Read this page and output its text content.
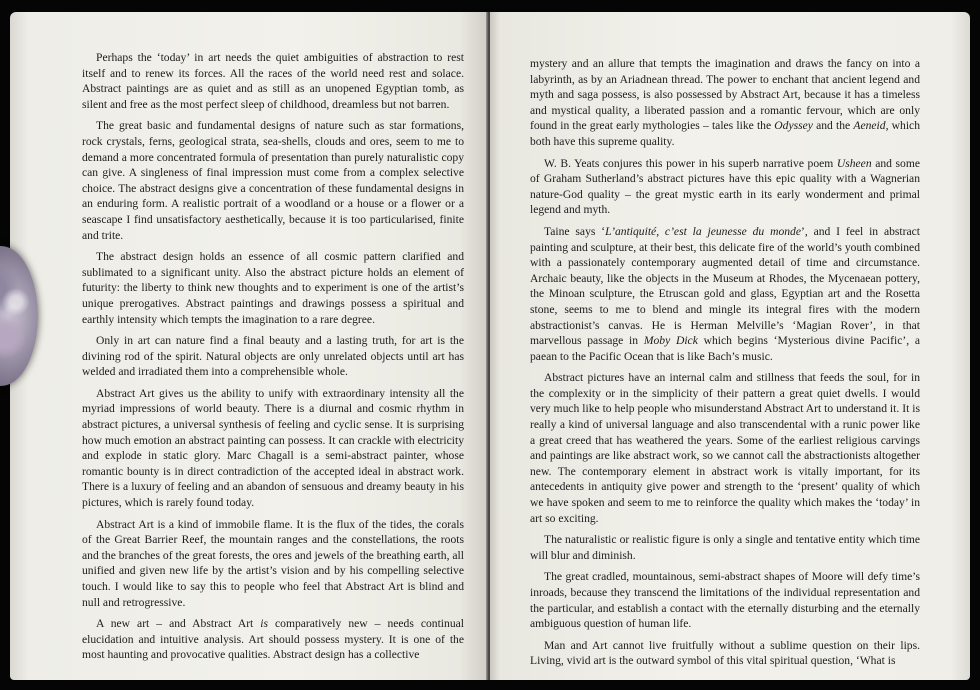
Perhaps the ‘today’ in art needs the quiet ambiguities of abstraction to rest itself and to renew its forces. All the races of the world need rest and solace. Abstract paintings are as quiet and as still as an unopened Egyptian tomb, as silent and free as the most perfect sleep of childhood, dreamless but not barren.

The great basic and fundamental designs of nature such as star formations, rock crystals, ferns, geological strata, sea-shells, clouds and ores, seem to me to demand a more concentrated formula of presentation than purely naturalistic copy can give. A singleness of final impression must come from a complex selective choice. The abstract designs give a concentration of these fundamental designs in an enduring form. A realistic portrait of a woodland or a house or a flower or a seascape I find unsatisfactory aesthetically, because it is too particularised, finite and trite.

The abstract design holds an essence of all cosmic pattern clarified and sublimated to a significant unity. Also the abstract picture holds an element of futurity: the liberty to think new thoughts and to experiment is one of the artist’s unique prerogatives. Abstract paintings and drawings possess a spiritual and earthly intensity which tempts the imagination to a rare degree.

Only in art can nature find a final beauty and a lasting truth, for art is the divining rod of the spirit. Natural objects are only unrelated objects until art has welded and irradiated them into a comprehensible whole.

Abstract Art gives us the ability to unify with extraordinary intensity all the myriad impressions of world beauty. There is a diurnal and cosmic rhythm in abstract pictures, a universal synthesis of feeling and cyclic sense. It is surprising how much emotion an abstract painting can possess. It can crackle with electricity and explode in static glory. Marc Chagall is a semi-abstract painter, whose romantic bounty is in direct contradiction of the accepted ideal in abstract work. There is a luxury of feeling and an abandon of sensuous and dreamy beauty in his pictures, which is rarely found today.

Abstract Art is a kind of immobile flame. It is the flux of the tides, the corals of the Great Barrier Reef, the mountain ranges and the constellations, the roots and the branches of the great forests, the ores and jewels of the breathing earth, all unified and given new life by the artist’s vision and by his compelling selective touch. I would like to say this to people who feel that Abstract Art is blind and null and retrogressive.

A new art – and Abstract Art is comparatively new – needs continual elucidation and intuitive analysis. Art should possess mystery. It is one of the most haunting and provocative qualities. Abstract design has a collective

mystery and an allure that tempts the imagination and draws the fancy on into a labyrinth, as by an Ariadnean thread. The power to enchant that ancient legend and myth and saga possess, is also possessed by Abstract Art, because it has a timeless and mystical quality, a liberated passion and a romantic fervour, which are only found in the great early mythologies – tales like the Odyssey and the Aeneid, which both have this supreme quality.

W. B. Yeats conjures this power in his superb narrative poem Usheen and some of Graham Sutherland’s abstract pictures have this epic quality with a Wagnerian nature-God quality – the great mystic earth in its early wonderment and primal legend and myth.

Taine says ‘L’antiquité, c’est la jeunesse du monde’, and I feel in abstract painting and sculpture, at their best, this delicate fire of the world’s youth combined with a passionately contemporary augmented detail of time and circumstance. Archaic beauty, like the objects in the Museum at Rhodes, the Mycenaean pottery, the Minoan sculpture, the Etruscan gold and glass, Egyptian art and the Rosetta stone, seems to me to blend and mingle its integral fires with the modern abstractionist’s canvas. He is Herman Melville’s ‘Magian Rover’, in that marvellous passage in Moby Dick which begins ‘Mysterious divine Pacific’, a paean to the Pacific Ocean that is like Bach’s music.

Abstract pictures have an internal calm and stillness that feeds the soul, for in the complexity or in the simplicity of their pattern a great quiet dwells. I would very much like to help people who misunderstand Abstract Art to understand it. It is really a kind of universal language and also transcendental with a runic power like a great creed that has weathered the years. Some of the earliest religious carvings and paintings are like abstract work, so we cannot call the abstractionists altogether new. The contemporary element in abstract work is vitally important, for its antecedents in antiquity give power and strength to the ‘present’ quality of which we have spoken and seem to me to reinforce the quality which makes the ‘today’ in art so exciting.

The naturalistic or realistic figure is only a single and tentative entity which time will blur and diminish.

The great cradled, mountainous, semi-abstract shapes of Moore will defy time’s inroads, because they transcend the limitations of the individual representation and the particular, and establish a contact with the eternally disturbing and the eternally ambiguous question of human life.

Man and Art cannot live fruitfully without a sublime question on their lips. Living, vivid art is the outward symbol of this vital spiritual question, ‘What is
